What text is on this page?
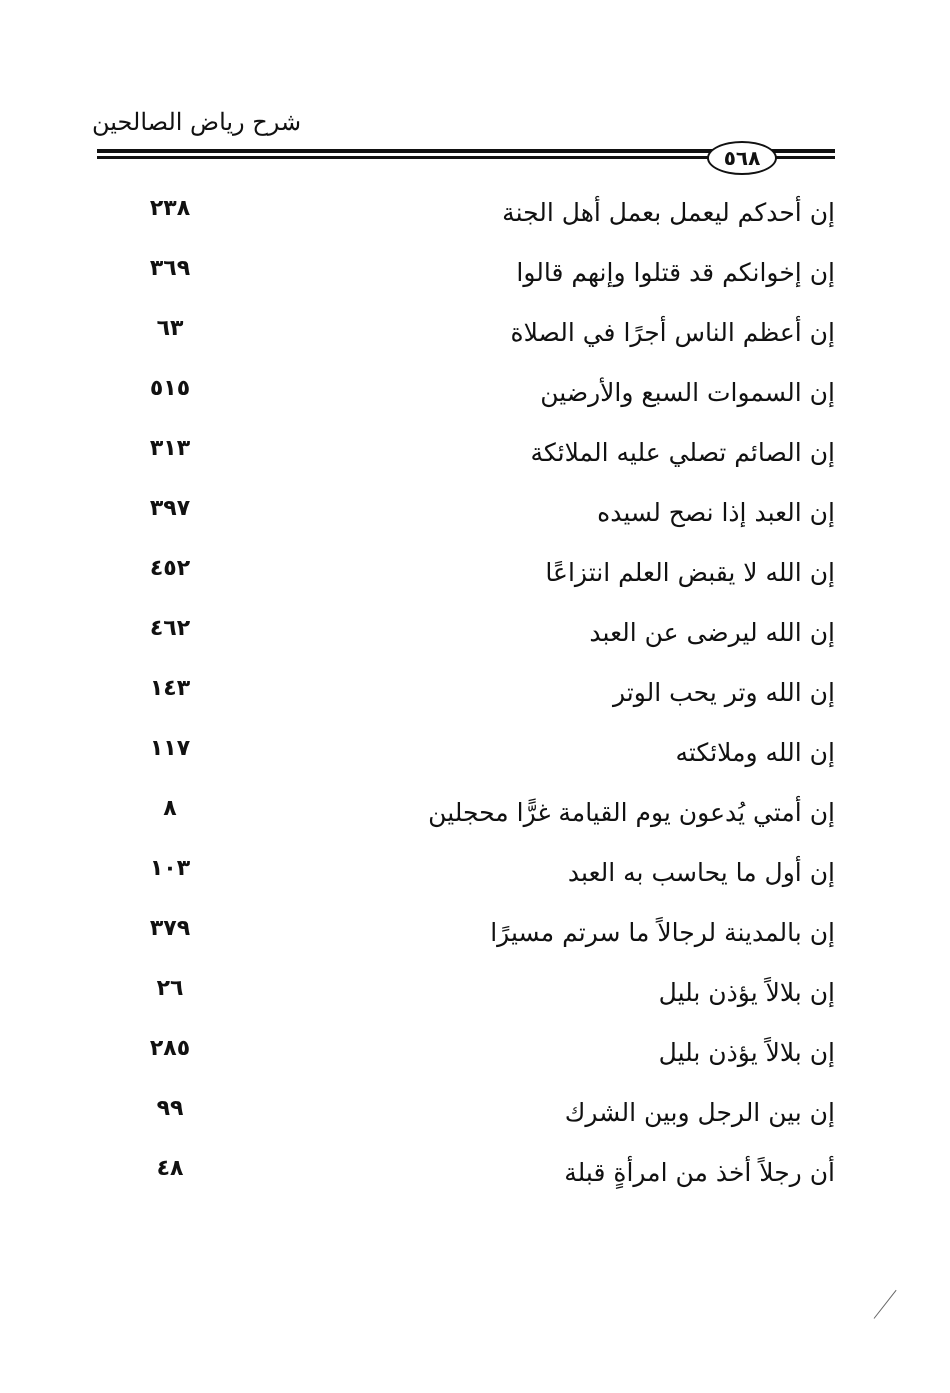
شرح رياض الصالحين
٥٦٨
إن أحدكم ليعمل بعمل أهل الجنة
٢٣٨
إن إخوانكم قد قتلوا وإنهم قالوا
٣٦٩
إن أعظم الناس أجرًا في الصلاة
٦٣
إن السموات السبع والأرضين
٥١٥
إن الصائم تصلي عليه الملائكة
٣١٣
إن العبد إذا نصح لسيده
٣٩٧
إن الله لا يقبض العلم انتزاعًا
٤٥٢
إن الله ليرضى عن العبد
٤٦٢
إن الله وتر يحب الوتر
١٤٣
إن الله وملائكته
١١٧
إن أمتي يُدعون يوم القيامة غرًّا محجلين
٨
إن أول ما يحاسب به العبد
١٠٣
إن بالمدينة لرجالاً ما سرتم مسيرًا
٣٧٩
إن بلالاً يؤذن بليل
٢٦
إن بلالاً يؤذن بليل
٢٨٥
إن بين الرجل وبين الشرك
٩٩
أن رجلاً أخذ من امرأةٍ قبلة
٤٨
